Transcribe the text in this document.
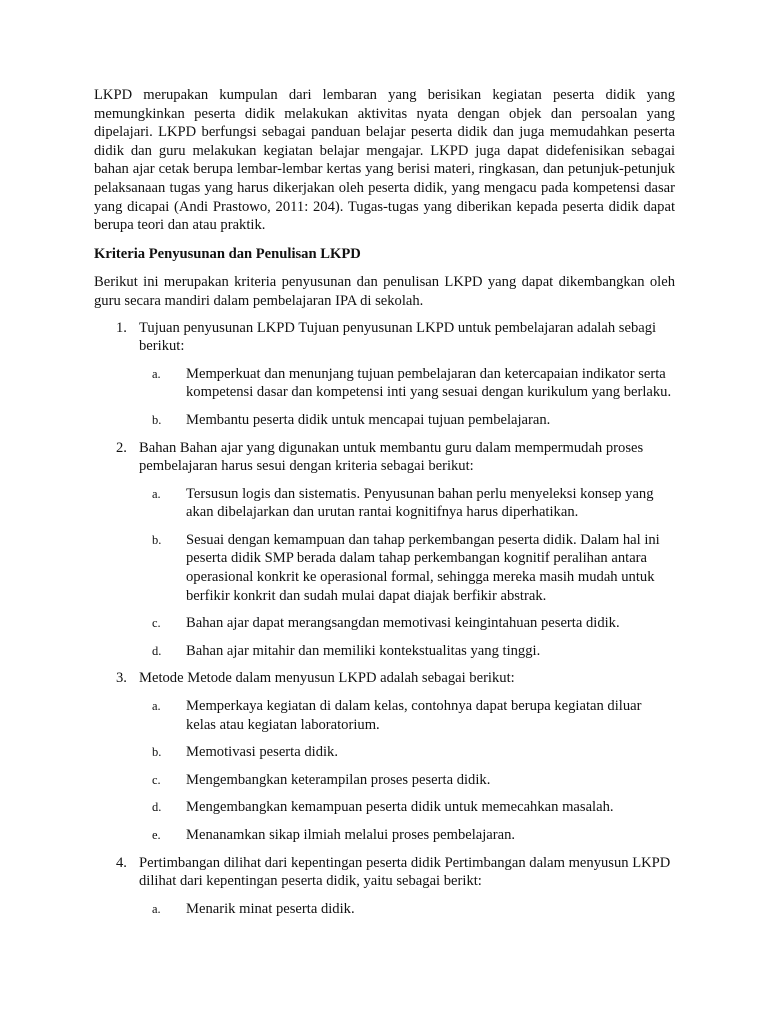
LKPD merupakan kumpulan dari lembaran yang berisikan kegiatan peserta didik yang memungkinkan peserta didik melakukan aktivitas nyata dengan objek dan persoalan yang dipelajari. LKPD berfungsi sebagai panduan belajar peserta didik dan juga memudahkan peserta didik dan guru melakukan kegiatan belajar mengajar. LKPD juga dapat didefenisikan sebagai bahan ajar cetak berupa lembar-lembar kertas yang berisi materi, ringkasan, dan petunjuk-petunjuk pelaksanaan tugas yang harus dikerjakan oleh peserta didik, yang mengacu pada kompetensi dasar yang dicapai (Andi Prastowo, 2011: 204). Tugas-tugas yang diberikan kepada peserta didik dapat berupa teori dan atau praktik.

Kriteria Penyusunan dan Penulisan LKPD

Berikut ini merupakan kriteria penyusunan dan penulisan LKPD yang dapat dikembangkan oleh guru secara mandiri dalam pembelajaran IPA di sekolah.

1. Tujuan penyusunan LKPD Tujuan penyusunan LKPD untuk pembelajaran adalah sebagi berikut:
a. Memperkuat dan menunjang tujuan pembelajaran dan ketercapaian indikator serta kompetensi dasar dan kompetensi inti yang sesuai dengan kurikulum yang berlaku.
b. Membantu peserta didik untuk mencapai tujuan pembelajaran.
2. Bahan Bahan ajar yang digunakan untuk membantu guru dalam mempermudah proses pembelajaran harus sesui dengan kriteria sebagai berikut:
a. Tersusun logis dan sistematis. Penyusunan bahan perlu menyeleksi konsep yang akan dibelajarkan dan urutan rantai kognitifnya harus diperhatikan.
b. Sesuai dengan kemampuan dan tahap perkembangan peserta didik. Dalam hal ini peserta didik SMP berada dalam tahap perkembangan kognitif peralihan antara operasional konkrit ke operasional formal, sehingga mereka masih mudah untuk berfikir konkrit dan sudah mulai dapat diajak berfikir abstrak.
c. Bahan ajar dapat merangsangdan memotivasi keingintahuan peserta didik.
d. Bahan ajar mitahir dan memiliki kontekstualitas yang tinggi.
3. Metode Metode dalam menyusun LKPD adalah sebagai berikut:
a. Memperkaya kegiatan di dalam kelas, contohnya dapat berupa kegiatan diluar kelas atau kegiatan laboratorium.
b. Memotivasi peserta didik.
c. Mengembangkan keterampilan proses peserta didik.
d. Mengembangkan kemampuan peserta didik untuk memecahkan masalah.
e. Menanamkan sikap ilmiah melalui proses pembelajaran.
4. Pertimbangan dilihat dari kepentingan peserta didik Pertimbangan dalam menyusun LKPD dilihat dari kepentingan peserta didik, yaitu sebagai berikt:
a. Menarik minat peserta didik.
